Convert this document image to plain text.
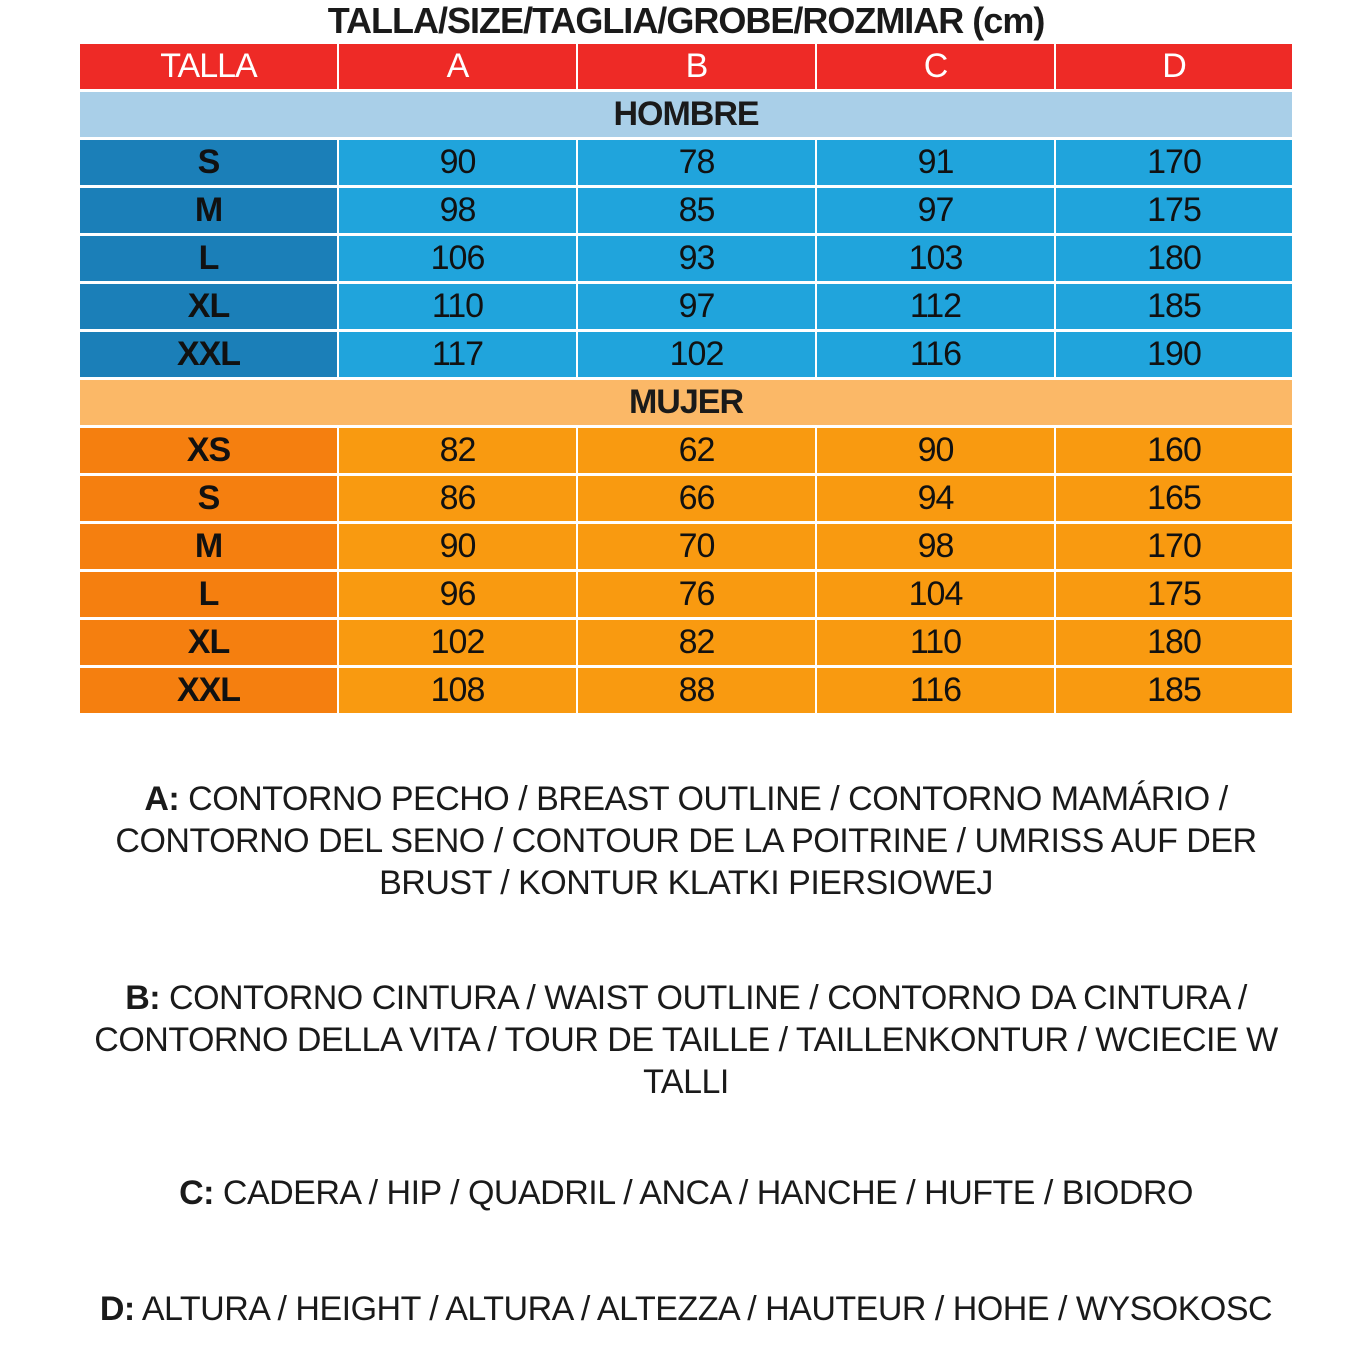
TALLA/SIZE/TAGLIA/GROBE/ROZMIAR (cm)
TALLA	A	B	C	D
HOMBRE
S	90	78	91	170
M	98	85	97	175
L	106	93	103	180
XL	110	97	112	185
XXL	117	102	116	190
MUJER
XS	82	62	90	160
S	86	66	94	165
M	90	70	98	170
L	96	76	104	175
XL	102	82	110	180
XXL	108	88	116	185
A: CONTORNO PECHO / BREAST OUTLINE / CONTORNO MAMÁRIO / CONTORNO DEL SENO / CONTOUR DE LA POITRINE / UMRISS AUF DER BRUST / KONTUR KLATKI PIERSIOWEJ
B: CONTORNO CINTURA / WAIST OUTLINE / CONTORNO DA CINTURA / CONTORNO DELLA VITA / TOUR DE TAILLE / TAILLENKONTUR / WCIECIE W TALLI
C: CADERA / HIP / QUADRIL / ANCA / HANCHE / HUFTE / BIODRO
D: ALTURA / HEIGHT / ALTURA / ALTEZZA / HAUTEUR / HOHE / WYSOKOSC
